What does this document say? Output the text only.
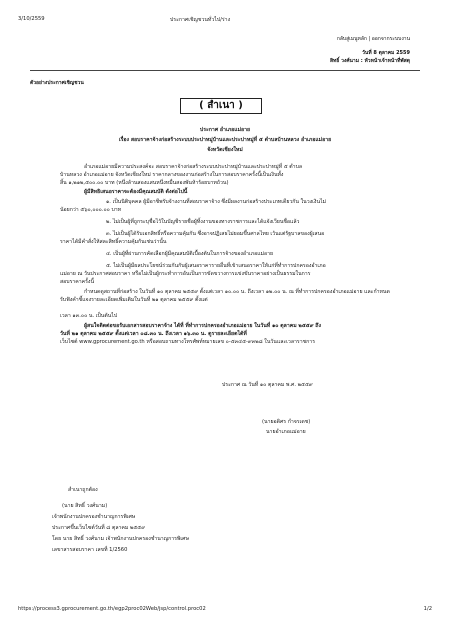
3/10/2559	ประกาศเชิญชวนทั่วไป/ร่าง
กลับสู่เมนูหลัก | ออกจากระบบงาน
วันที่ 8 ตุลาคม 2559
สิทธิ์ วงศ์นาม : หัวหน้าเจ้าหน้าที่พัสดุ
ตัวอย่างประกาศเชิญชวน
( สำเนา )
ประกาศ อำเภอแม่อาย
เรื่อง สอบราคาจ้างก่อสร้างระบบประปาหมู่บ้านและประปาหมู่ที่ ๕ ตำบลบ้านหลวง อำเภอแม่อาย
จังหวัดเชียงใหม่
อำเภอแม่อายมีความประสงค์จะ สอบราคาจ้างก่อสร้างระบบประปาหมู่บ้านและประปาหมู่ที่ ๕ ตำบล
บ้านหลวง อำเภอแม่อาย จังหวัดเชียงใหม่ ราคากลางของงานก่อสร้างในการสอบราคาครั้งนี้เป็นเงินทั้ง
สิ้น ๑,๒๑๒,๕๐๐.๐๐ บาท (หนึ่งล้านสองแสนหนึ่งหมื่นสองพันห้าร้อยบาทถ้วน)
ผู้มีสิทธิเสนอราคาจะต้องมีคุณสมบัติ ดังต่อไปนี้
๑. เป็นนิติบุคคล ผู้มีอาชีพรับจ้างงานที่สอบราคาจ้าง ซึ่งมีผลงานก่อสร้างประเภทเดียวกัน ในวงเงินไม่
น้อยกว่า ๕๖๐,๐๐๐.๐๐ บาท
๒. ไม่เป็นผู้ที่ถูกระบุชื่อไว้ในบัญชีรายชื่อผู้ทิ้งงานของทางราชการและได้แจ้งเวียนชื่อแล้ว
๓. ไม่เป็นผู้ได้รับเอกสิทธิ์หรือความคุ้มกัน ซึ่งอาจปฏิเสธไม่ยอมขึ้นศาลไทย เว้นแต่รัฐบาลของผู้เสนอ
ราคาได้มีคำสั่งให้สละสิทธิ์ความคุ้มกันเช่นว่านั้น
๔. เป็นผู้ที่ผ่านการคัดเลือกผู้มีคุณสมบัติเบื้องต้นในการจ้างของอำเภอแม่อาย
๕. ไม่เป็นผู้มีผลประโยชน์ร่วมกันกับผู้เสนอราคารายอื่นที่เข้าเสนอราคาให้แก่ที่ทำการปกครองอำเภอ
แม่อาย ณ วันประกาศสอบราคา หรือไม่เป็นผู้กระทำการอันเป็นการขัดขวางการแข่งขันราคาอย่างเป็นธรรมในการ
สอบราคาครั้งนี้
กำหนดดูสถานที่ก่อสร้าง ในวันที่ ๑๐ ตุลาคม ๒๕๕๙ ตั้งแต่เวลา ๑๐.๐๐ น. ถึงเวลา ๑๒.๐๐ น. ณ ที่ทำการปกครองอำเภอแม่อาย และกำหนดรับฟังคำชี้แจงรายละเอียดเพิ่มเติมในวันที่ ๒๑ ตุลาคม ๒๕๕๙ ตั้งแต่
เวลา ๑๓.๐๐ น. เป็นต้นไป
ผู้สนใจติดต่อขอรับเอกสารสอบราคาจ้าง ได้ที่ ที่ทำการปกครองอำเภอแม่อาย ในวันที่ ๑๐ ตุลาคม ๒๕๕๙ ถึง
วันที่ ๒๑ ตุลาคม ๒๕๕๙ ตั้งแต่เวลา ๐๘.๓๐ น. ถึงเวลา ๑๖.๓๐ น. ดูรายละเอียดได้ที่
เว็บไซต์ www.gprocurement.go.th หรือสอบถามทางโทรศัพท์หมายเลข ๐-๕๓๔๕-๙๓๒๘ ในวันและเวลาราชการ
ประกาศ ณ วันที่ ๑๐ ตุลาคม พ.ศ. ๒๕๕๙
(นายอดิศร กำจรเดช)
นายอำเภอแม่อาย
สำเนาถูกต้อง
(นาย สิทธิ์ วงศ์นาม)
เจ้าพนักงานปกครองชำนาญการพิเศษ
ประกาศขึ้นเว็บไซต์วันที่ ๘ ตุลาคม ๒๕๕๙
โดย นาย สิทธิ์ วงศ์นาม เจ้าพนักงานปกครองชำนาญการพิเศษ
เลขาสารสอบราคา เลขที่ 1/2560
https://process3.gprocurement.go.th/egp2proc02Web/jsp/control.proc02	1/2
